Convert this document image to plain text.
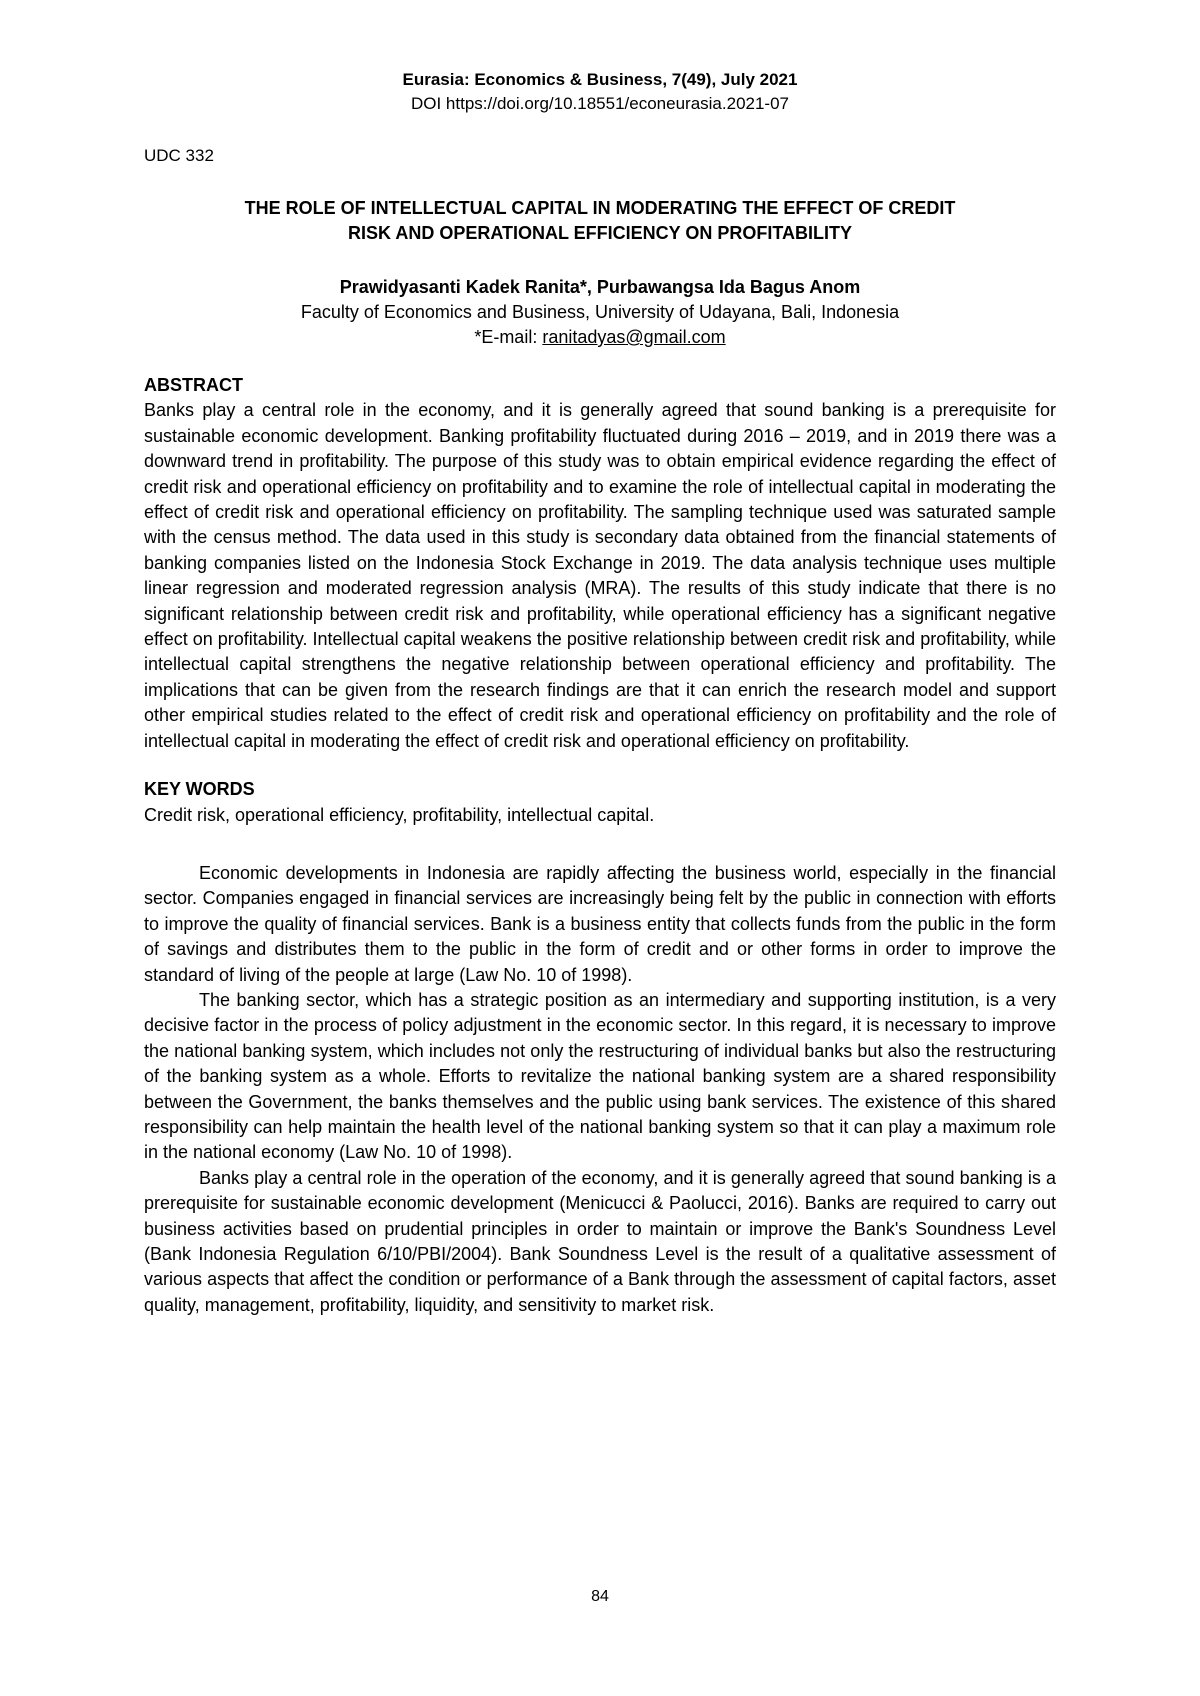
Eurasia: Economics & Business, 7(49), July 2021
DOI https://doi.org/10.18551/econeurasia.2021-07
UDC 332
THE ROLE OF INTELLECTUAL CAPITAL IN MODERATING THE EFFECT OF CREDIT
RISK AND OPERATIONAL EFFICIENCY ON PROFITABILITY
Prawidyasanti Kadek Ranita*, Purbawangsa Ida Bagus Anom
Faculty of Economics and Business, University of Udayana, Bali, Indonesia
*E-mail: ranitadyas@gmail.com
ABSTRACT

Banks play a central role in the economy, and it is generally agreed that sound banking is a prerequisite for sustainable economic development. Banking profitability fluctuated during 2016 – 2019, and in 2019 there was a downward trend in profitability. The purpose of this study was to obtain empirical evidence regarding the effect of credit risk and operational efficiency on profitability and to examine the role of intellectual capital in moderating the effect of credit risk and operational efficiency on profitability. The sampling technique used was saturated sample with the census method. The data used in this study is secondary data obtained from the financial statements of banking companies listed on the Indonesia Stock Exchange in 2019. The data analysis technique uses multiple linear regression and moderated regression analysis (MRA). The results of this study indicate that there is no significant relationship between credit risk and profitability, while operational efficiency has a significant negative effect on profitability. Intellectual capital weakens the positive relationship between credit risk and profitability, while intellectual capital strengthens the negative relationship between operational efficiency and profitability. The implications that can be given from the research findings are that it can enrich the research model and support other empirical studies related to the effect of credit risk and operational efficiency on profitability and the role of intellectual capital in moderating the effect of credit risk and operational efficiency on profitability.

KEY WORDS

Credit risk, operational efficiency, profitability, intellectual capital.

Economic developments in Indonesia are rapidly affecting the business world, especially in the financial sector. Companies engaged in financial services are increasingly being felt by the public in connection with efforts to improve the quality of financial services. Bank is a business entity that collects funds from the public in the form of savings and distributes them to the public in the form of credit and or other forms in order to improve the standard of living of the people at large (Law No. 10 of 1998).

The banking sector, which has a strategic position as an intermediary and supporting institution, is a very decisive factor in the process of policy adjustment in the economic sector. In this regard, it is necessary to improve the national banking system, which includes not only the restructuring of individual banks but also the restructuring of the banking system as a whole. Efforts to revitalize the national banking system are a shared responsibility between the Government, the banks themselves and the public using bank services. The existence of this shared responsibility can help maintain the health level of the national banking system so that it can play a maximum role in the national economy (Law No. 10 of 1998).

Banks play a central role in the operation of the economy, and it is generally agreed that sound banking is a prerequisite for sustainable economic development (Menicucci & Paolucci, 2016). Banks are required to carry out business activities based on prudential principles in order to maintain or improve the Bank's Soundness Level (Bank Indonesia Regulation 6/10/PBI/2004). Bank Soundness Level is the result of a qualitative assessment of various aspects that affect the condition or performance of a Bank through the assessment of capital factors, asset quality, management, profitability, liquidity, and sensitivity to market risk.

84
